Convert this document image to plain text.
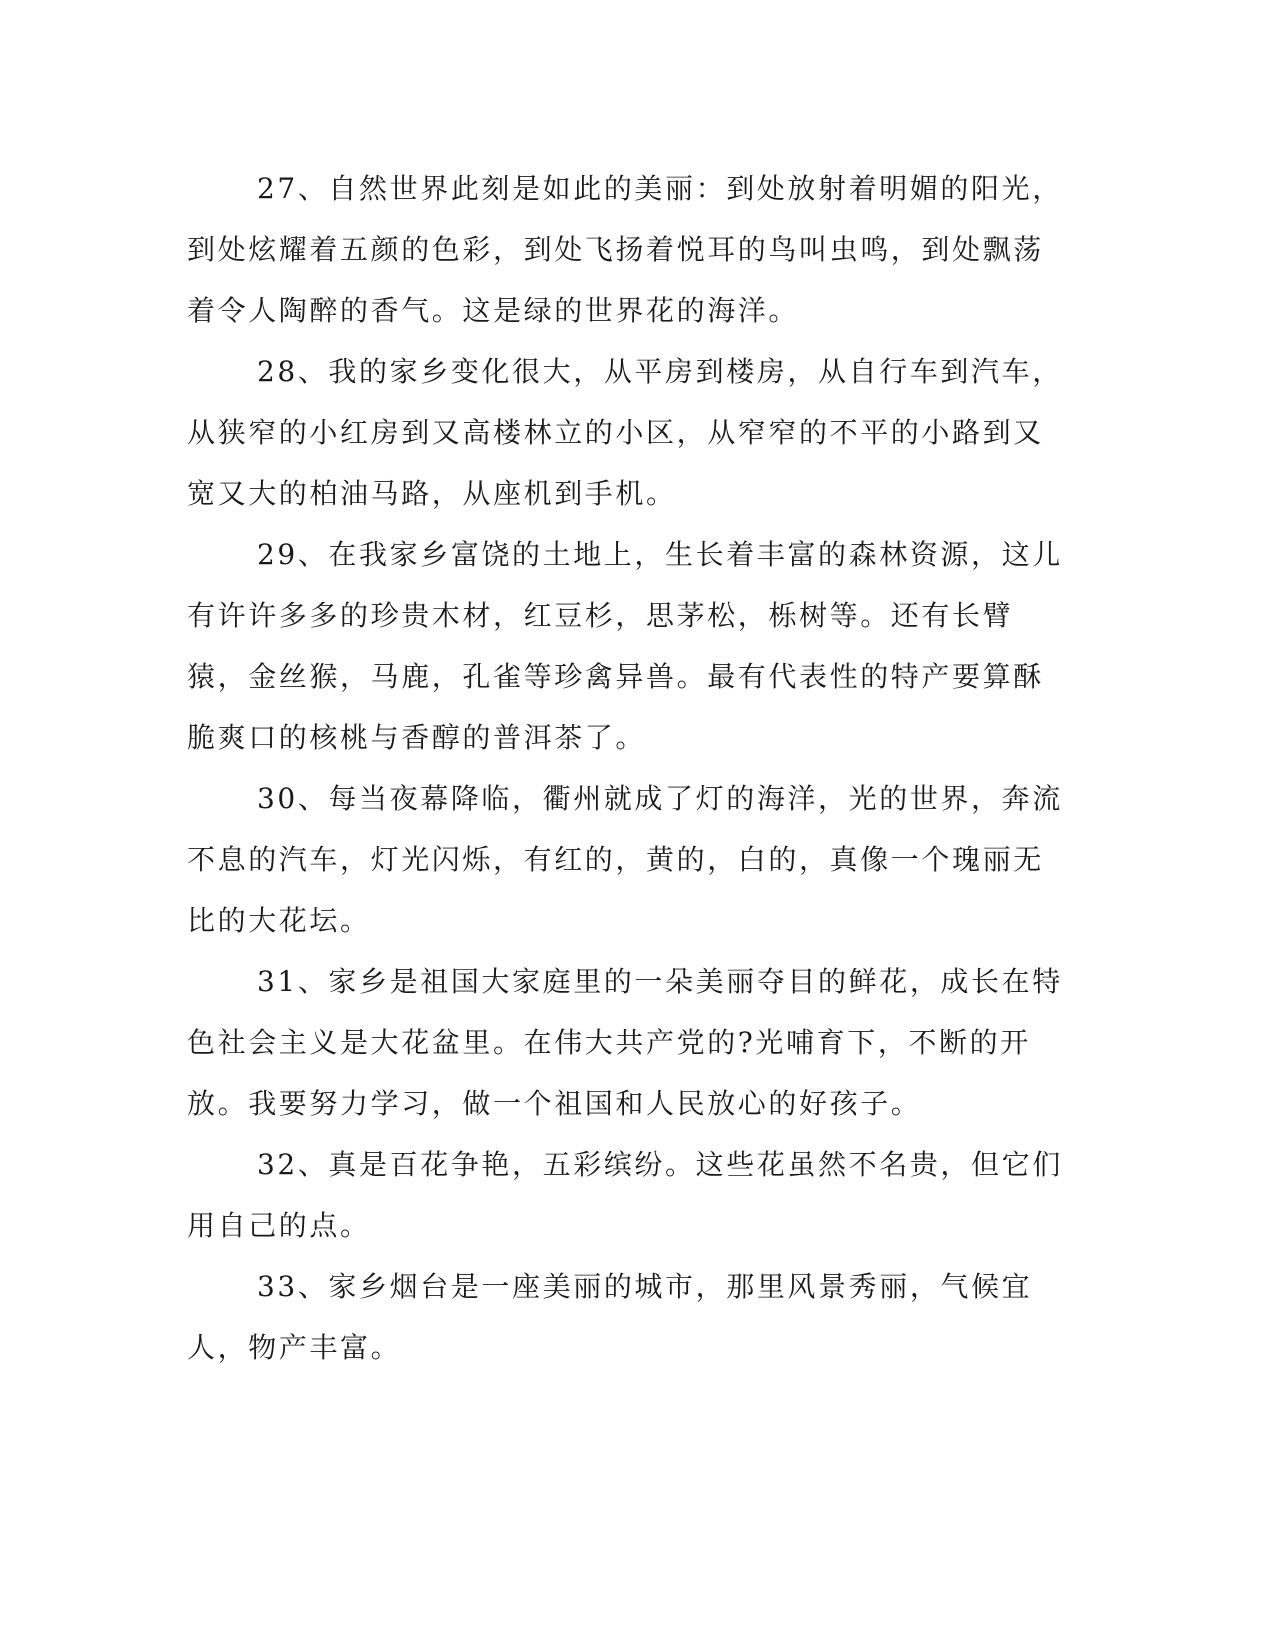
27、自然世界此刻是如此的美丽：到处放射着明媚的阳光，到处炫耀着五颜的色彩，到处飞扬着悦耳的鸟叫虫鸣，到处飘荡着令人陶醉的香气。这是绿的世界花的海洋。

28、我的家乡变化很大，从平房到楼房，从自行车到汽车，从狭窄的小红房到又高楼林立的小区，从窄窄的不平的小路到又宽又大的柏油马路，从座机到手机。

29、在我家乡富饶的土地上，生长着丰富的森林资源，这儿有许许多多的珍贵木材，红豆杉，思茅松，栎树等。还有长臂猿，金丝猴，马鹿，孔雀等珍禽异兽。最有代表性的特产要算酥脆爽口的核桃与香醇的普洱茶了。

30、每当夜幕降临，衢州就成了灯的海洋，光的世界，奔流不息的汽车，灯光闪烁，有红的，黄的，白的，真像一个瑰丽无比的大花坛。

31、家乡是祖国大家庭里的一朵美丽夺目的鲜花，成长在特色社会主义是大花盆里。在伟大共产党的?光哺育下，不断的开放。我要努力学习，做一个祖国和人民放心的好孩子。

32、真是百花争艳，五彩缤纷。这些花虽然不名贵，但它们用自己的点。

33、家乡烟台是一座美丽的城市，那里风景秀丽，气候宜人，物产丰富。
